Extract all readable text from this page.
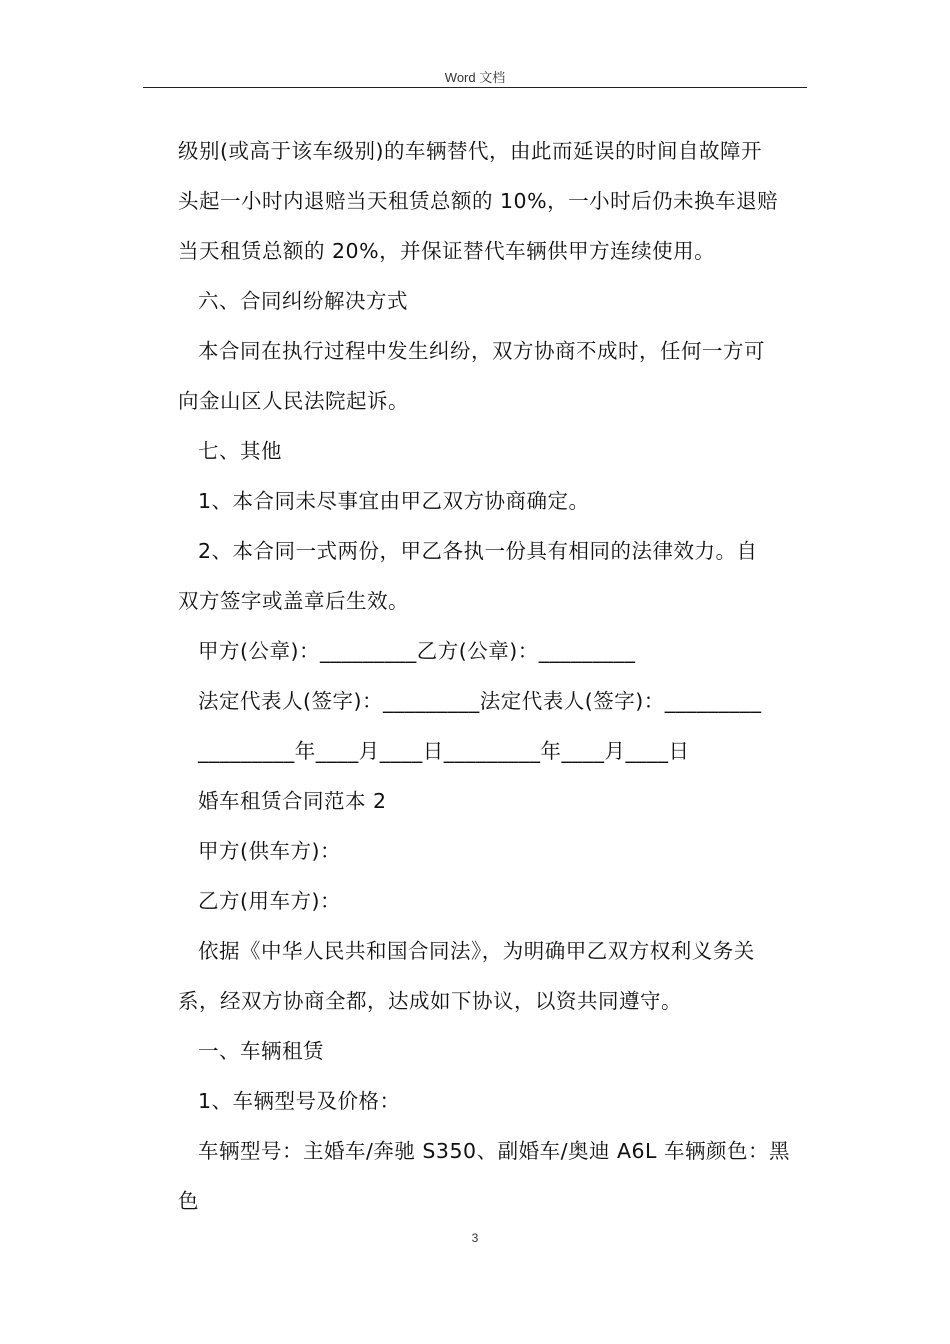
Word 文档
级别(或高于该车级别)的车辆替代，由此而延误的时间自故障开
头起一小时内退赔当天租赁总额的 10%，一小时后仍未换车退赔
当天租赁总额的 20%，并保证替代车辆供甲方连续使用。
六、合同纠纷解决方式
本合同在执行过程中发生纠纷，双方协商不成时，任何一方可
向金山区人民法院起诉。
七、其他
1、本合同未尽事宜由甲乙双方协商确定。
2、本合同一式两份，甲乙各执一份具有相同的法律效力。自
双方签字或盖章后生效。
甲方(公章)：_________乙方(公章)：_________
法定代表人(签字)：_________法定代表人(签字)：_________
_________年____月____日_________年____月____日
婚车租赁合同范本 2
甲方(供车方)：
乙方(用车方)：
依据《中华人民共和国合同法》，为明确甲乙双方权利义务关
系，经双方协商全都，达成如下协议，以资共同遵守。
一、车辆租赁
1、车辆型号及价格：
车辆型号：主婚车/奔驰 S350、副婚车/奥迪 A6L 车辆颜色：黑
色
3
